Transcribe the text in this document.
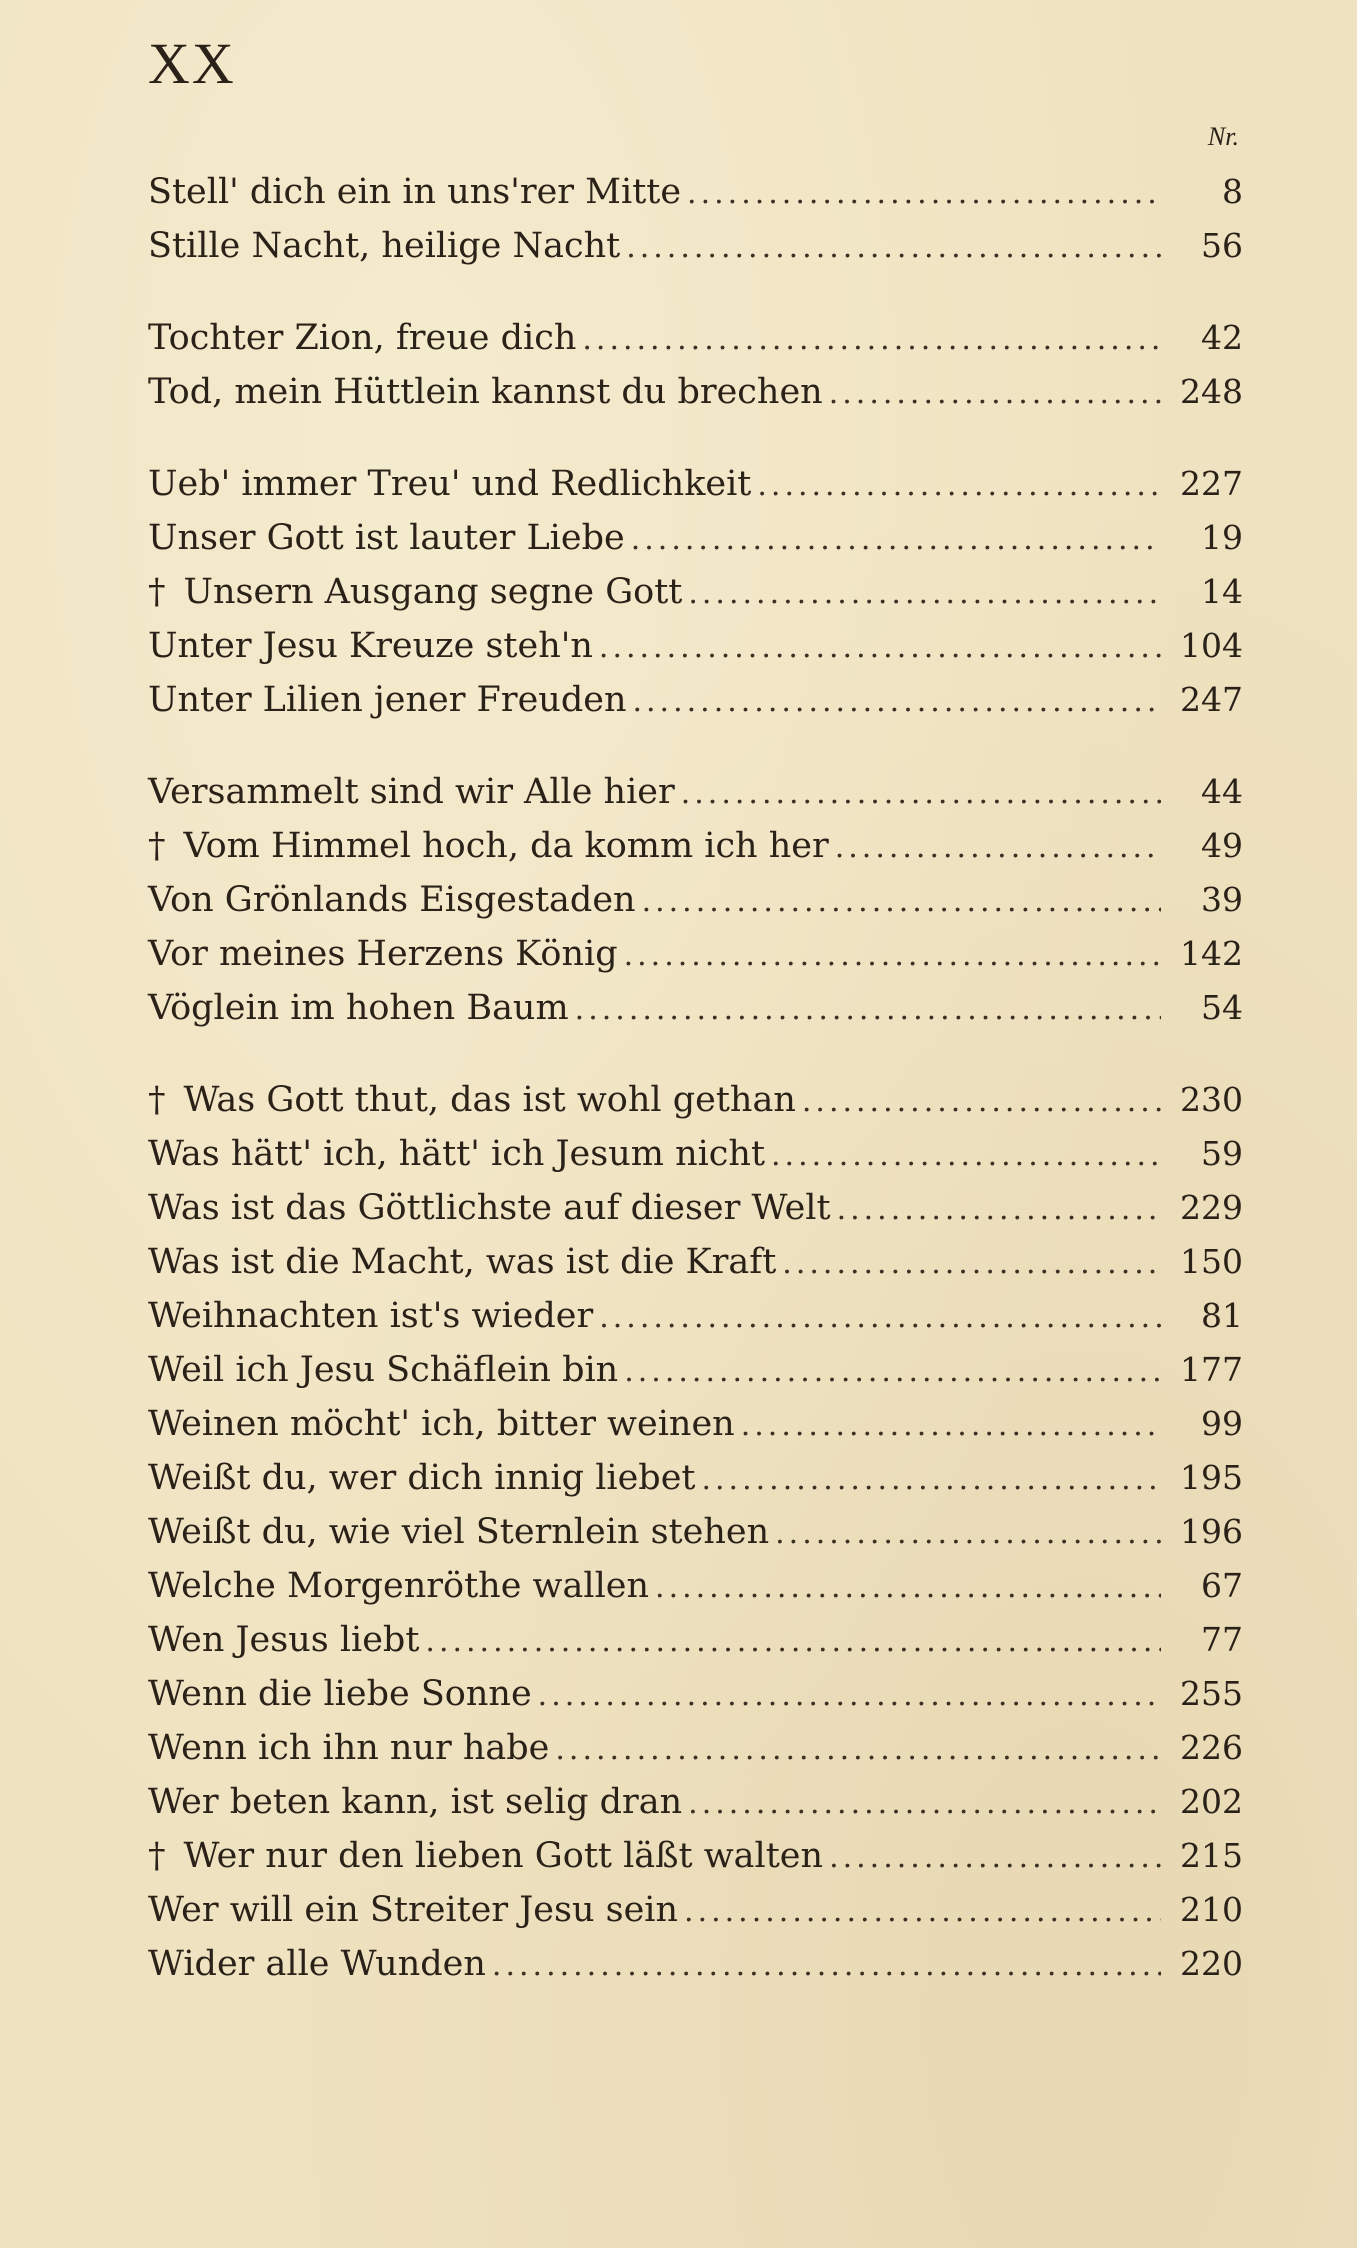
XX
Nr.
Stell' dich ein in uns'rer Mitte .....	8
Stille Nacht, heilige Nacht .....	56
Tochter Zion, freue dich .....	42
Tod, mein Hüttlein kannst du brechen .....	248
Ueb' immer Treu' und Redlichkeit .....	227
Unser Gott ist lauter Liebe .....	19
† Unsern Ausgang segne Gott .....	14
Unter Jesu Kreuze steh'n .....	104
Unter Lilien jener Freuden .....	247
Versammelt sind wir Alle hier .....	44
† Vom Himmel hoch, da komm ich her .....	49
Von Grönlands Eisgestaden .....	39
Vor meines Herzens König .....	142
Vöglein im hohen Baum .....	54
† Was Gott thut, das ist wohl gethan .....	230
Was hätt' ich, hätt' ich Jesum nicht .....	59
Was ist das Göttlichste auf dieser Welt .....	229
Was ist die Macht, was ist die Kraft .....	150
Weihnachten ist's wieder .....	81
Weil ich Jesu Schäflein bin .....	177
Weinen möcht' ich, bitter weinen .....	99
Weißt du, wer dich innig liebet .....	195
Weißt du, wie viel Sternlein stehen .....	196
Welche Morgenröthe wallen .....	67
Wen Jesus liebt .....	77
Wenn die liebe Sonne .....	255
Wenn ich ihn nur habe .....	226
Wer beten kann, ist selig dran .....	202
† Wer nur den lieben Gott läßt walten .....	215
Wer will ein Streiter Jesu sein .....	210
Wider alle Wunden .....	220
